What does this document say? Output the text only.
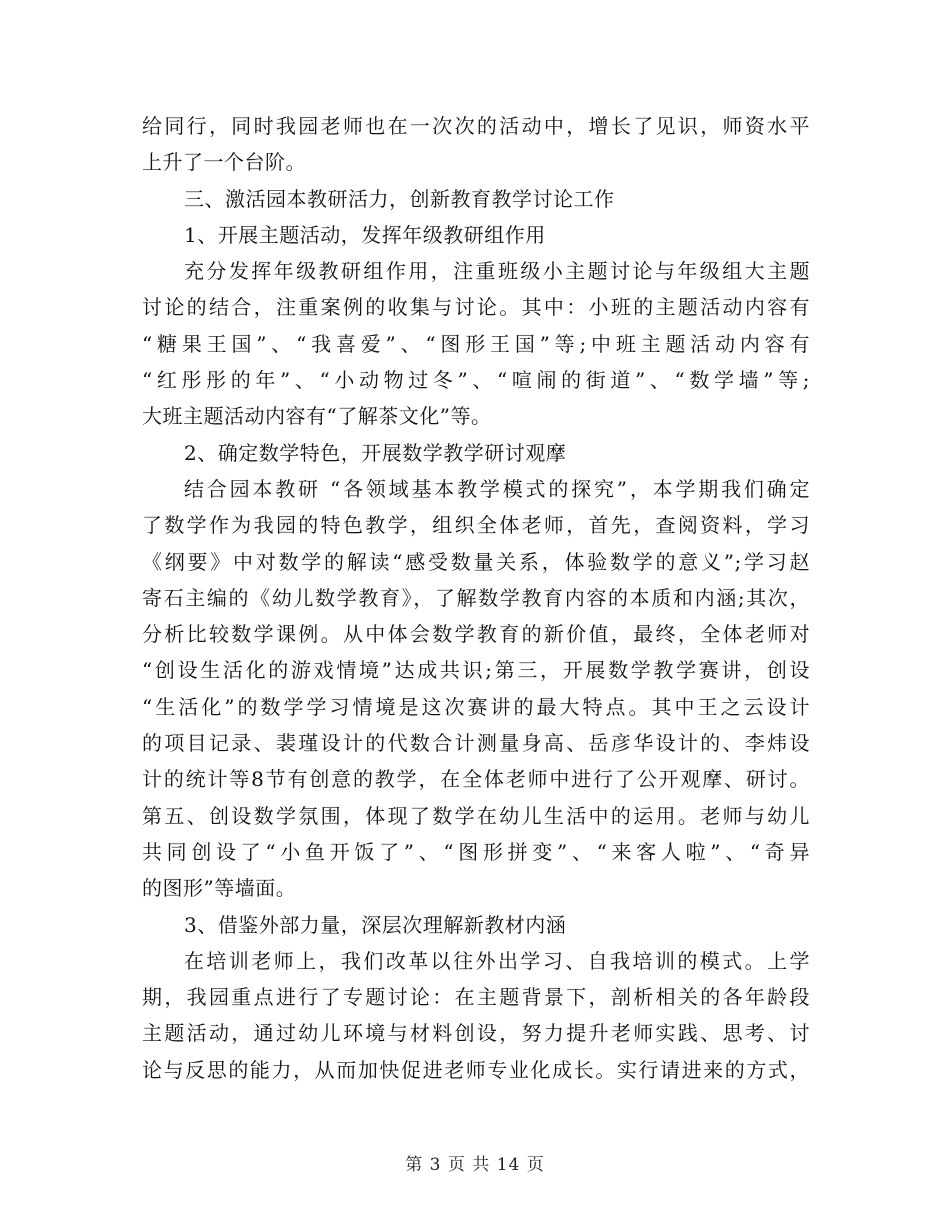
给同行，同时我园老师也在一次次的活动中，增长了见识，师资水平
上升了一个台阶。
三、激活园本教研活力，创新教育教学讨论工作
1、开展主题活动，发挥年级教研组作用
充分发挥年级教研组作用，注重班级小主题讨论与年级组大主题
讨论的结合，注重案例的收集与讨论。其中：小班的主题活动内容有
“糖果王国”、“我喜爱”、“图形王国”等;中班主题活动内容有
“红彤彤的年”、“小动物过冬”、“喧闹的街道”、“数学墙”等;
大班主题活动内容有“了解茶文化”等。
2、确定数学特色，开展数学教学研讨观摩
结合园本教研 “各领域基本教学模式的探究”，本学期我们确定
了数学作为我园的特色教学，组织全体老师，首先，查阅资料，学习
《纲要》中对数学的解读“感受数量关系，体验数学的意义”;学习赵
寄石主编的《幼儿数学教育》，了解数学教育内容的本质和内涵;其次，
分析比较数学课例。从中体会数学教育的新价值，最终，全体老师对
“创设生活化的游戏情境”达成共识;第三，开展数学教学赛讲，创设
“生活化”的数学学习情境是这次赛讲的最大特点。其中王之云设计
的项目记录、裴瑾设计的代数合计测量身高、岳彦华设计的、李炜设
计的统计等8节有创意的教学，在全体老师中进行了公开观摩、研讨。
第五、创设数学氛围，体现了数学在幼儿生活中的运用。老师与幼儿
共同创设了“小鱼开饭了”、“图形拼变”、“来客人啦”、“奇异
的图形”等墙面。
3、借鉴外部力量，深层次理解新教材内涵
在培训老师上，我们改革以往外出学习、自我培训的模式。上学
期，我园重点进行了专题讨论：在主题背景下，剖析相关的各年龄段
主题活动，通过幼儿环境与材料创设，努力提升老师实践、思考、讨
论与反思的能力，从而加快促进老师专业化成长。实行请进来的方式，
第 3 页 共 14 页
